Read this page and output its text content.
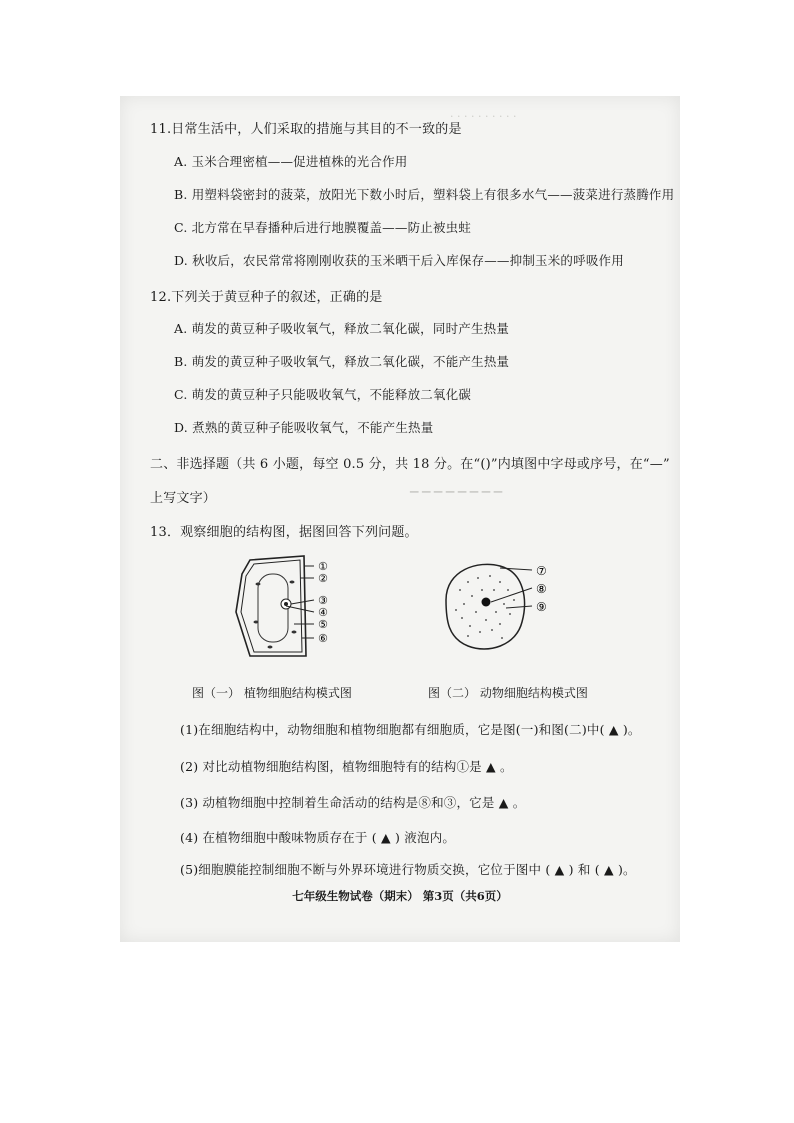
· · · · · · · · · ·
▁ ▁ ▁ ▁ ▁ ▁ ▁ ▁
11.日常生活中，人们采取的措施与其目的不一致的是
A. 玉米合理密植——促进植株的光合作用
B. 用塑料袋密封的菠菜，放阳光下数小时后，塑料袋上有很多水气——菠菜进行蒸腾作用
C. 北方常在早春播种后进行地膜覆盖——防止被虫蛀
D. 秋收后，农民常常将刚刚收获的玉米晒干后入库保存——抑制玉米的呼吸作用
12.下列关于黄豆种子的叙述，正确的是
A. 萌发的黄豆种子吸收氧气，释放二氧化碳，同时产生热量
B. 萌发的黄豆种子吸收氧气，释放二氧化碳，不能产生热量
C. 萌发的黄豆种子只能吸收氧气，不能释放二氧化碳
D. 煮熟的黄豆种子能吸收氧气，不能产生热量
二、非选择题（共 6 小题，每空 0.5 分，共 18 分。在“()”内填图中字母或序号，在“—”
上写文字）
13．观察细胞的结构图，据图回答下列问题。
①
②
③
④
⑤
⑥
⑦
⑧
⑨
图（一） 植物细胞结构模式图	图（二） 动物细胞结构模式图
(1)在细胞结构中，动物细胞和植物细胞都有细胞质，它是图(一)和图(二)中( ▲ )。
(2) 对比动植物细胞结构图，植物细胞特有的结构①是 ▲ 。
(3) 动植物细胞中控制着生命活动的结构是⑧和③，它是 ▲ 。
(4) 在植物细胞中酸味物质存在于 ( ▲ ) 液泡内。
(5)细胞膜能控制细胞不断与外界环境进行物质交换，它位于图中 ( ▲ ) 和 ( ▲ )。
七年级生物试卷（期末） 第3页（共6页）
